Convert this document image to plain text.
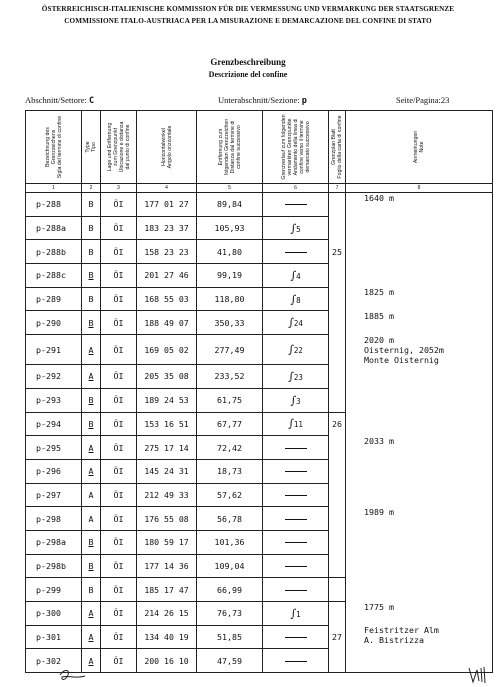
ÖSTERREICHISCH-ITALIENISCHE KOMMISSION FÜR DIE VERMESSUNG UND VERMARKUNG DER STAATSGRENZE
COMMISSIONE ITALO-AUSTRIACA PER LA MISURAZIONE E DEMARCAZIONE DEL CONFINE DI STATO
Grenzbeschreibung
Descrizione del confine
Abschnitt/Settore: C	Unterabschnitt/Sezione: p	Seite/Pagina:23
Bezeichnung des
Grenzzeichens
Sigla del termine di confine	Type
Tipo	Lage und Entfernung
zum Grenzpunkt
Ubicazione e distanza
dal punto di confine	Horizontalwinkel
Angolo orizzontale	Entfernung zum
folgenden Grenzzeichen
Distanza dal termine di
confine successivo	Grenzverlauf zum folgenden
vermarkten Grenzpunkte
Andamento della linea di
confine verso il termine
demarcato successivo	Grenzplan Blatt
Foglio della carta di confine	Anmerkungen
Note

1	2	3	4	5	6	7	8
p-288	B	ÖI	177 01 27	89,84			1640 m

p-288a	B	ÖI	183 23 37	105,93	∫5		
p-288b	B	ÖI	158 23 23	41,80		25	
p-288c	B	ÖI	201 27 46	99,19	∫4		
p-289	B	ÖI	168 55 03	118,80	∫8		1825 m

p-290	B	ÖI	188 49 07	350,33	∫24		1885 m

p-291	A	ÖI	169 05 02	277,49	∫22		2020 m
Oisternig, 2052m
Monte Oisternig

p-292	A	ÖI	205 35 08	233,52	∫23		
p-293	B	ÖI	189 24 53	61,75	∫3		
p-294	B	ÖI	153 16 51	67,77	∫11	26	
p-295	A	ÖI	275 17 14	72,42			2033 m

p-296	A	ÖI	145 24 31	18,73			
p-297	A	ÖI	212 49 33	57,62			
p-298	A	ÖI	176 55 08	56,78			1989 m

p-298a	B	ÖI	180 59 17	101,36			
p-298b	B	ÖI	177 14 36	109,04			
p-299	B	ÖI	185 17 47	66,99			
p-300	A	ÖI	214 26 15	76,73	∫1		1775 m

p-301	A	ÖI	134 40 19	51,85		27	Feistritzer Alm
A. Bistrizza

p-302	A	ÖI	200 16 10	47,59			
